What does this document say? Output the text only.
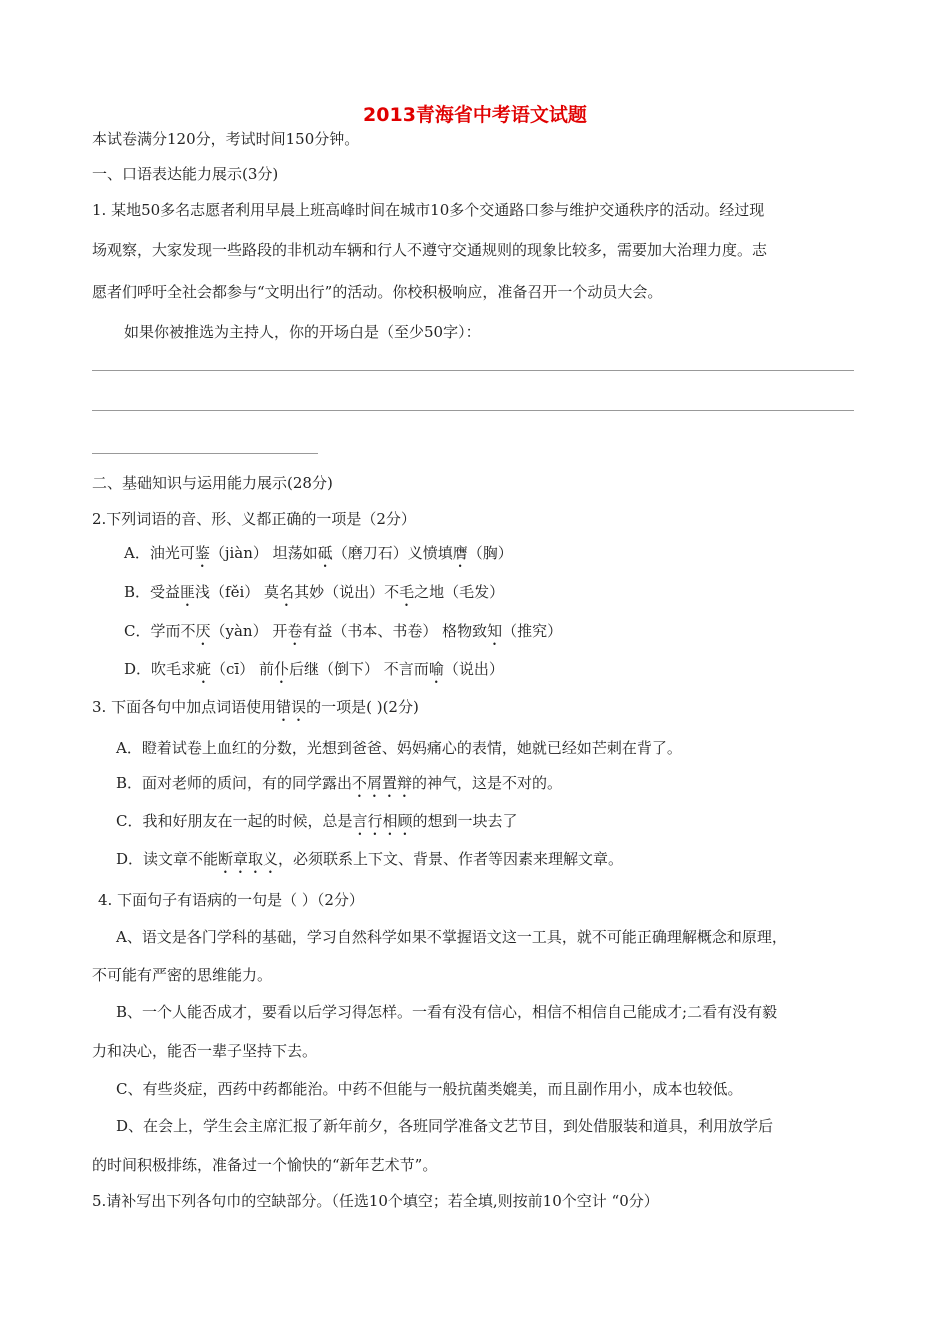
2013青海省中考语文试题
本试卷满分120分，考试时间150分钟。
一、口语表达能力展示(3分)
1. 某地50多名志愿者利用早晨上班高峰时间在城市10多个交通路口参与维护交通秩序的活动。经过现
场观察，大家发现一些路段的非机动车辆和行人不遵守交通规则的现象比较多，需要加大治理力度。志
愿者们呼吁全社会都参与“文明出行”的活动。你校积极响应，准备召开一个动员大会。
如果你被推选为主持人，你的开场白是（至少50字）：
二、基础知识与运用能力展示(28分)
2.下列词语的音、形、义都正确的一项是（2分）
A．油光可鉴（jiàn） 坦荡如砥（磨刀石）义愤填膺（胸）
B．受益匪浅（fěi） 莫名其妙（说出）不毛之地（毛发）
C．学而不厌（yàn） 开卷有益（书本、书卷） 格物致知（推究）
D．吹毛求疵（cī） 前仆后继（倒下） 不言而喻（说出）
3. 下面各句中加点词语使用错误的一项是( )(2分)
A．瞪着试卷上血红的分数，光想到爸爸、妈妈痛心的表情，她就已经如芒刺在背了。
B．面对老师的质问，有的同学露出不屑置辩的神气，这是不对的。
C．我和好朋友在一起的时候，总是言行相顾的想到一块去了
D．读文章不能断章取义，必须联系上下文、背景、作者等因素来理解文章。
4. 下面句子有语病的一句是（ ）（2分）
A、语文是各门学科的基础，学习自然科学如果不掌握语文这一工具，就不可能正确理解概念和原理，
不可能有严密的思维能力。
B、一个人能否成才，要看以后学习得怎样。一看有没有信心，相信不相信自己能成才;二看有没有毅
力和决心，能否一辈子坚持下去。
C、有些炎症，西药中药都能治。中药不但能与一般抗菌类媲美，而且副作用小，成本也较低。
D、在会上，学生会主席汇报了新年前夕，各班同学准备文艺节目，到处借服装和道具，利用放学后
的时间积极排练，准备过一个愉快的“新年艺术节”。
5.请补写出下列各句巾的空缺部分。（任选10个填空；若全填,则按前10个空计 “0分）
